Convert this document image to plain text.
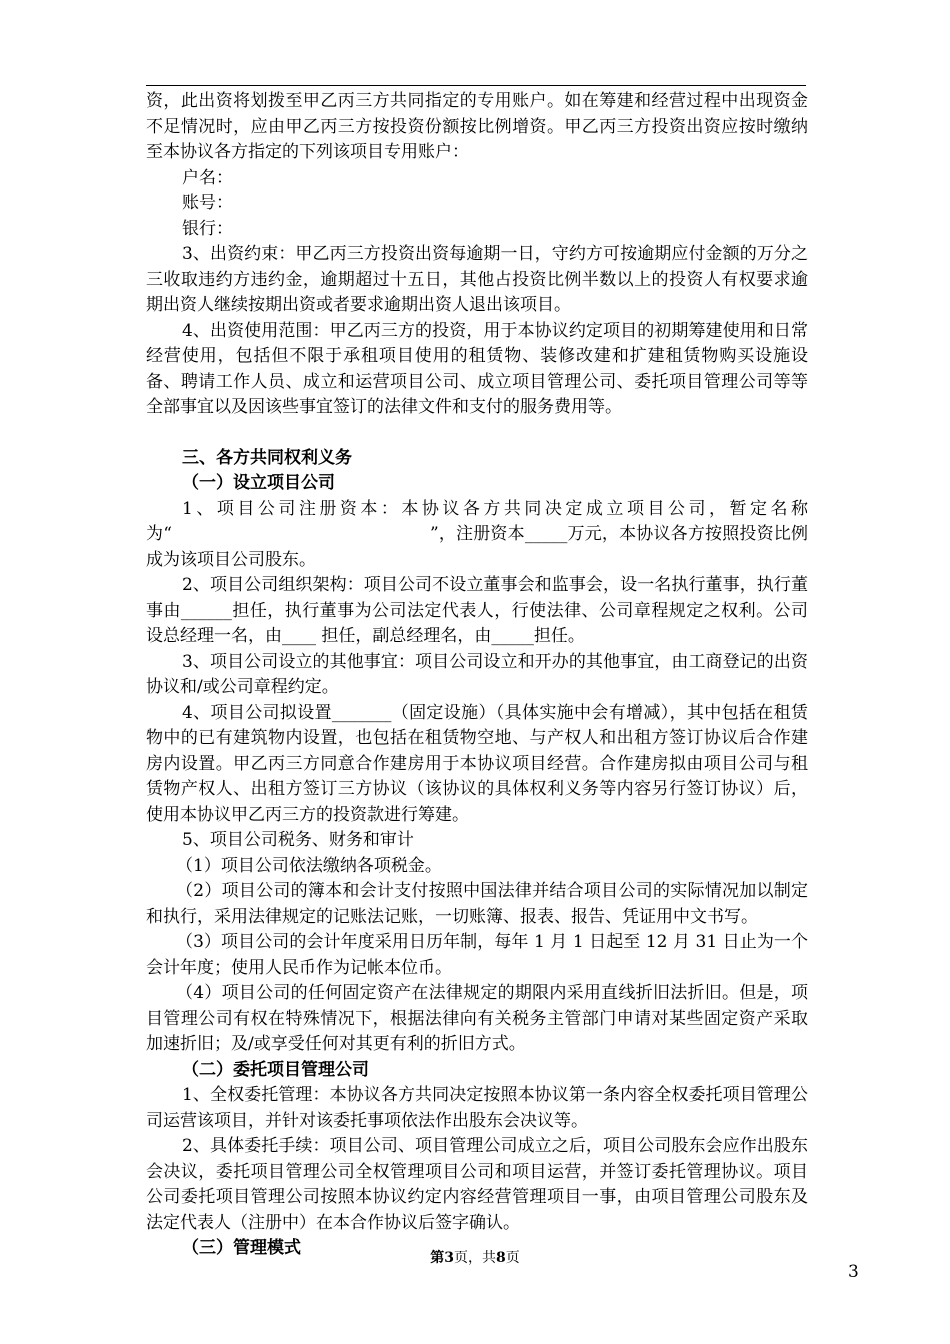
资，此出资将划拨至甲乙丙三方共同指定的专用账户。如在筹建和经营过程中出现资金不足情况时，应由甲乙丙三方按投资份额按比例增资。甲乙丙三方投资出资应按时缴纳至本协议各方指定的下列该项目专用账户：

户名：

账号：

银行：

3、出资约束：甲乙丙三方投资出资每逾期一日，守约方可按逾期应付金额的万分之三收取违约方违约金，逾期超过十五日，其他占投资比例半数以上的投资人有权要求逾期出资人继续按期出资或者要求逾期出资人退出该项目。

4、出资使用范围：甲乙丙三方的投资，用于本协议约定项目的初期筹建使用和日常经营使用，包括但不限于承租项目使用的租赁物、装修改建和扩建租赁物购买设施设备、聘请工作人员、成立和运营项目公司、成立项目管理公司、委托项目管理公司等等全部事宜以及因该些事宜签订的法律文件和支付的服务费用等。

三、各方共同权利义务

（一）设立项目公司

1、项目公司注册资本：本协议各方共同决定成立项目公司，暂定名称为“　　　　　　　　　　　　　　　”，注册资本_____万元，本协议各方按照投资比例成为该项目公司股东。

2、项目公司组织架构：项目公司不设立董事会和监事会，设一名执行董事，执行董事由______担任，执行董事为公司法定代表人，行使法律、公司章程规定之权利。公司设总经理一名，由____ 担任，副总经理名，由_____担任。

3、项目公司设立的其他事宜：项目公司设立和开办的其他事宜，由工商登记的出资协议和/或公司章程约定。

4、项目公司拟设置_______（固定设施）（具体实施中会有增减），其中包括在租赁物中的已有建筑物内设置，也包括在租赁物空地、与产权人和出租方签订协议后合作建房内设置。甲乙丙三方同意合作建房用于本协议项目经营。合作建房拟由项目公司与租赁物产权人、出租方签订三方协议（该协议的具体权利义务等内容另行签订协议）后，使用本协议甲乙丙三方的投资款进行筹建。

5、项目公司税务、财务和审计

（1）项目公司依法缴纳各项税金。

（2）项目公司的簿本和会计支付按照中国法律并结合项目公司的实际情况加以制定和执行，采用法律规定的记账法记账，一切账簿、报表、报告、凭证用中文书写。

（3）项目公司的会计年度采用日历年制，每年 1 月 1 日起至 12 月 31 日止为一个会计年度；使用人民币作为记帐本位币。

（4）项目公司的任何固定资产在法律规定的期限内采用直线折旧法折旧。但是，项目管理公司有权在特殊情况下，根据法律向有关税务主管部门申请对某些固定资产采取加速折旧；及/或享受任何对其更有利的折旧方式。

（二）委托项目管理公司

1、全权委托管理：本协议各方共同决定按照本协议第一条内容全权委托项目管理公司运营该项目，并针对该委托事项依法作出股东会决议等。

2、具体委托手续：项目公司、项目管理公司成立之后，项目公司股东会应作出股东会决议，委托项目管理公司全权管理项目公司和项目运营，并签订委托管理协议。项目公司委托项目管理公司按照本协议约定内容经营管理项目一事，由项目管理公司股东及法定代表人（注册中）在本合作协议后签字确认。

（三）管理模式	第3页，共8页
3
